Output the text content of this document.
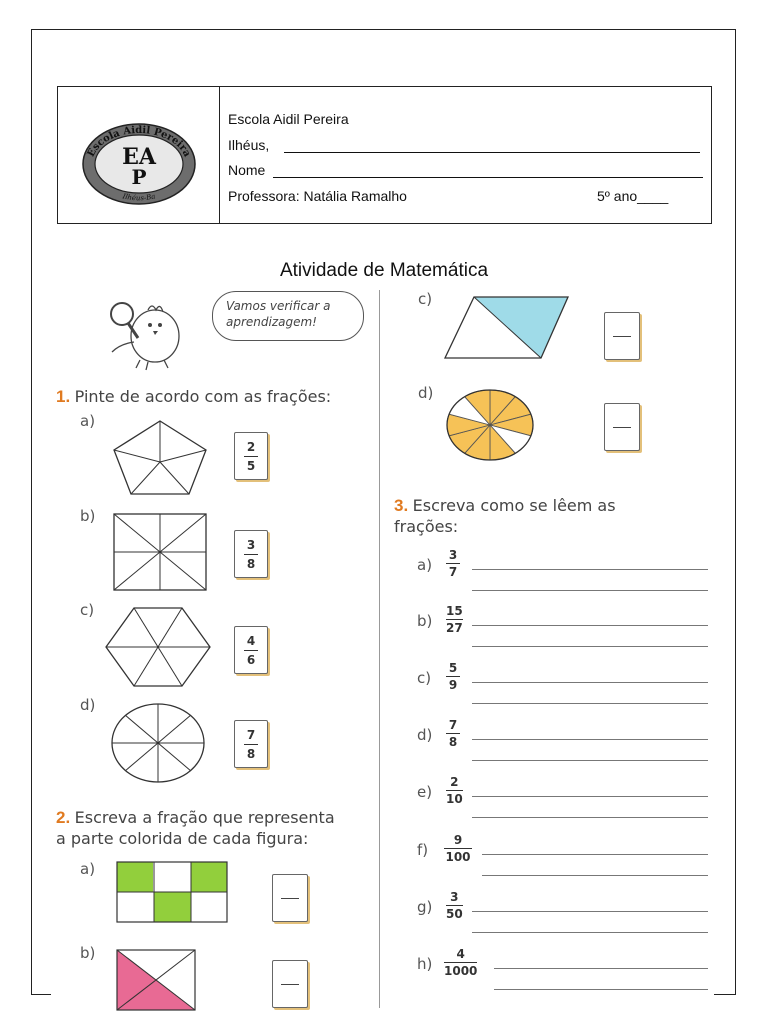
Escola Aidil Pereira
Ilhéus-Ba
EA
P
Escola Aidil Pereira
Ilhéus,
Nome
Professora: Natália Ramalho	5º ano____
Atividade de Matemática
Vamos verificar a aprendizagem!
1. Pinte de acordo com as frações:
a)
2
5
b)
3
8
c)
4
6
d)
7
8
2. Escreva a fração que representa
a parte colorida de cada figura:
a)
b)
c)
d)
3. Escreva como se lêem as
frações:
a)
3
7
b)
15
27
c)
5
9
d)
7
8
e)
2
10
f)
9
100
g)
3
50
h)
4
1000
